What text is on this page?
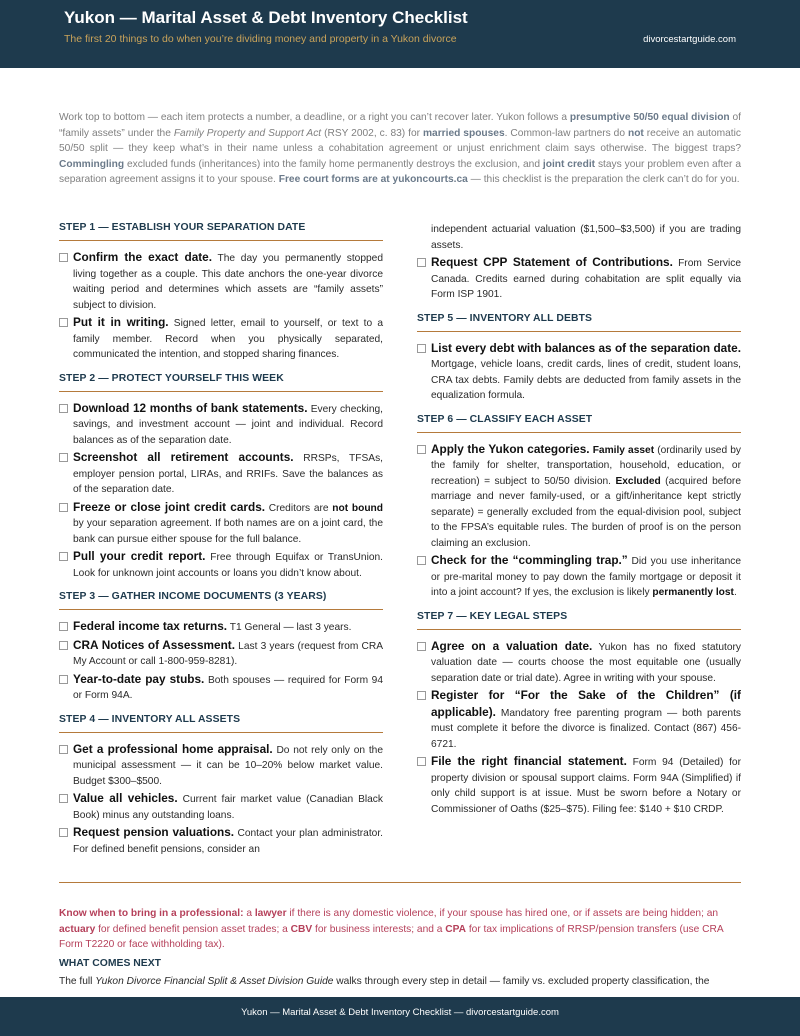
Yukon — Marital Asset & Debt Inventory Checklist
The first 20 things to do when you’re dividing money and property in a Yukon divorce	divorcestartguide.com
Work top to bottom — each item protects a number, a deadline, or a right you can’t recover later. Yukon follows a presumptive 50/50 equal division of “family assets” under the Family Property and Support Act (RSY 2002, c. 83) for married spouses. Common-law partners do not receive an automatic 50/50 split — they keep what’s in their name unless a cohabitation agreement or unjust enrichment claim says otherwise. The biggest traps? Commingling excluded funds (inheritances) into the family home permanently destroys the exclusion, and joint credit stays your problem even after a separation agreement assigns it to your spouse. Free court forms are at yukoncourts.ca — this checklist is the preparation the clerk can’t do for you.
STEP 1 — ESTABLISH YOUR SEPARATION DATE
Confirm the exact date. The day you permanently stopped living together as a couple. This date anchors the one-year divorce waiting period and determines which assets are “family assets” subject to division.
Put it in writing. Signed letter, email to yourself, or text to a family member. Record when you physically separated, communicated the intention, and stopped sharing finances.
STEP 2 — PROTECT YOURSELF THIS WEEK
Download 12 months of bank statements. Every checking, savings, and investment account — joint and individual. Record balances as of the separation date.
Screenshot all retirement accounts. RRSPs, TFSAs, employer pension portal, LIRAs, and RRIFs. Save the balances as of the separation date.
Freeze or close joint credit cards. Creditors are not bound by your separation agreement. If both names are on a joint card, the bank can pursue either spouse for the full balance.
Pull your credit report. Free through Equifax or TransUnion. Look for unknown joint accounts or loans you didn’t know about.
STEP 3 — GATHER INCOME DOCUMENTS (3 YEARS)
Federal income tax returns. T1 General — last 3 years.
CRA Notices of Assessment. Last 3 years (request from CRA My Account or call 1-800-959-8281).
Year-to-date pay stubs. Both spouses — required for Form 94 or Form 94A.
STEP 4 — INVENTORY ALL ASSETS
Get a professional home appraisal. Do not rely only on the municipal assessment — it can be 10–20% below market value. Budget $300–$500.
Value all vehicles. Current fair market value (Canadian Black Book) minus any outstanding loans.
Request pension valuations. Contact your plan administrator. For defined benefit pensions, consider an
independent actuarial valuation ($1,500–$3,500) if you are trading assets.
Request CPP Statement of Contributions. From Service Canada. Credits earned during cohabitation are split equally via Form ISP 1901.
STEP 5 — INVENTORY ALL DEBTS
List every debt with balances as of the separation date. Mortgage, vehicle loans, credit cards, lines of credit, student loans, CRA tax debts. Family debts are deducted from family assets in the equalization formula.
STEP 6 — CLASSIFY EACH ASSET
Apply the Yukon categories. Family asset (ordinarily used by the family for shelter, transportation, household, education, or recreation) = subject to 50/50 division. Excluded (acquired before marriage and never family-used, or a gift/inheritance kept strictly separate) = generally excluded from the equal-division pool, subject to the FPSA’s equitable rules. The burden of proof is on the person claiming an exclusion.
Check for the “commingling trap.” Did you use inheritance or pre-marital money to pay down the family mortgage or deposit it into a joint account? If yes, the exclusion is likely permanently lost.
STEP 7 — KEY LEGAL STEPS
Agree on a valuation date. Yukon has no fixed statutory valuation date — courts choose the most equitable one (usually separation date or trial date). Agree in writing with your spouse.
Register for “For the Sake of the Children” (if applicable). Mandatory free parenting program — both parents must complete it before the divorce is finalized. Contact (867) 456-6721.
File the right financial statement. Form 94 (Detailed) for property division or spousal support claims. Form 94A (Simplified) if only child support is at issue. Must be sworn before a Notary or Commissioner of Oaths ($25–$75). Filing fee: $140 + $10 CRDP.
Know when to bring in a professional: a lawyer if there is any domestic violence, if your spouse has hired one, or if assets are being hidden; an actuary for defined benefit pension asset trades; a CBV for business interests; and a CPA for tax implications of RRSP/pension transfers (use CRA Form T2220 or face withholding tax).
WHAT COMES NEXT
The full Yukon Divorce Financial Split & Asset Division Guide walks through every step in detail — family vs. excluded property classification, the
Yukon — Marital Asset & Debt Inventory Checklist — divorcestartguide.com
